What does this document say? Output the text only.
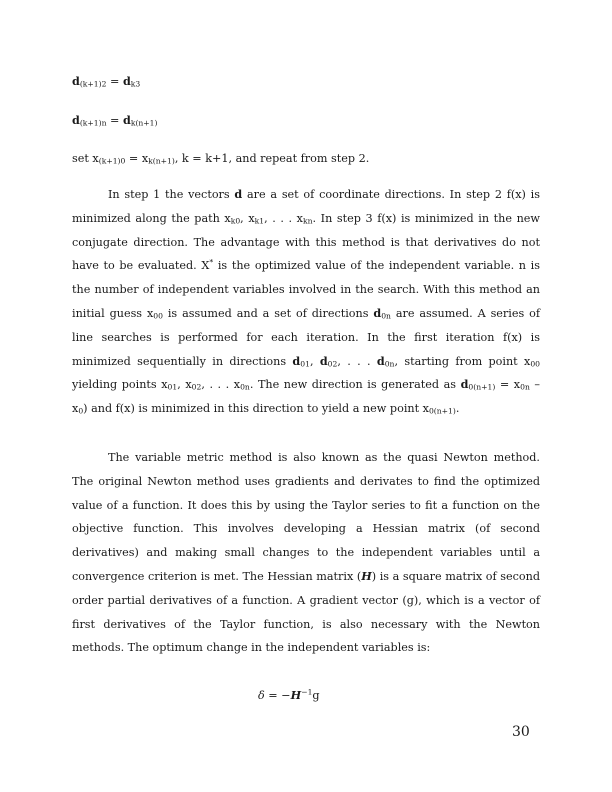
$d_{(k+1)2} = d_{k3}$
$d_{(k+1)n} = d_{k(n+1)}$
set $x_{(k+1)0} = x_{k(n+1)}$, k = k+1, and repeat from step 2.
In step 1 the vectors d are a set of coordinate directions. In step 2 f(x) is minimized along the path $x_{k0}$, $x_{k1}$, . . . $x_{kn}$. In step 3 f(x) is minimized in the new conjugate direction. The advantage with this method is that derivatives do not have to be evaluated. X* is the optimized value of the independent variable. n is the number of independent variables involved in the search. With this method an initial guess $x_{00}$ is assumed and a set of directions $d_{0n}$ are assumed. A series of line searches is performed for each iteration. In the first iteration f(x) is minimized sequentially in directions $d_{01}$, $d_{02}$, . . . $d_{0n}$, starting from point $x_{00}$ yielding points $x_{01}$, $x_{02}$, . . . $x_{0n}$. The new direction is generated as $d_{0(n+1)} = x_{0n} - x_0$) and f(x) is minimized in this direction to yield a new point $x_{0(n+1)}$.
The variable metric method is also known as the quasi Newton method. The original Newton method uses gradients and derivates to find the optimized value of a function. It does this by using the Taylor series to fit a function on the objective function. This involves developing a Hessian matrix (of second derivatives) and making small changes to the independent variables until a convergence criterion is met. The Hessian matrix (H) is a square matrix of second order partial derivatives of a function. A gradient vector (g), which is a vector of first derivatives of the Taylor function, is also necessary with the Newton methods. The optimum change in the independent variables is:
$\delta = -H^{-1}g$
30
